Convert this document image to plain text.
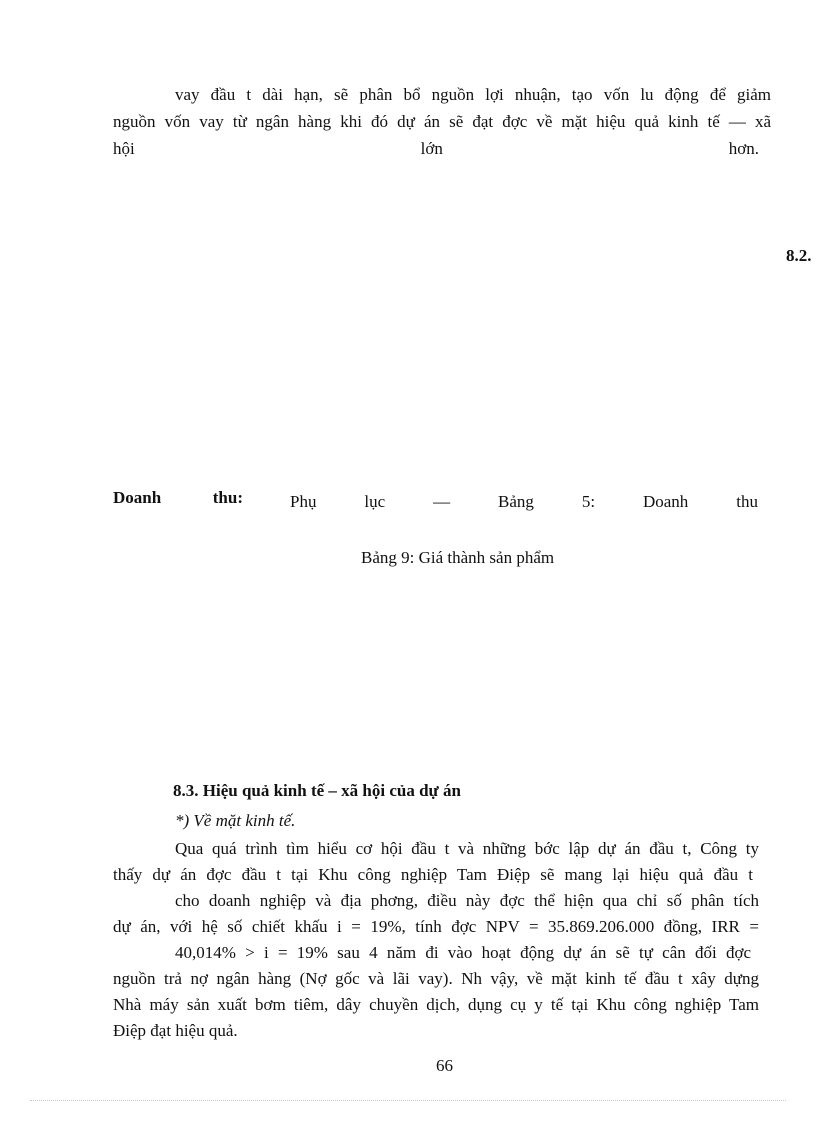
vay đầu t dài hạn, sẽ phân bổ nguồn lợi nhuận, tạo vốn lu động để giảm
nguồn vốn vay từ ngân hàng khi đó dự án sẽ đạt đợc về mặt hiệu quả kinh tế — xã
hội	lớn	hơn.
8.2.
Doanh	thu:	Phụ	lục	—	Bảng	5:	Doanh	thu
Bảng 9: Giá thành sản phẩm
8.3. Hiệu quả kinh tế – xã hội của dự án
*) Về mặt kinh tế.
Qua quá trình tìm hiểu cơ hội đầu t và những bớc lập dự án đầu t, Công ty
thấy dự án đợc đầu t tại Khu công nghiệp Tam Điệp sẽ mang lại hiệu quả đầu t
cho doanh nghiệp và địa phơng, điều này đợc thể hiện qua chỉ số phân tích
dự án, với hệ số chiết khấu i = 19%, tính đợc NPV = 35.869.206.000 đồng, IRR =
40,014% > i = 19% sau 4 năm đi vào hoạt động dự án sẽ tự cân đối đợc
nguồn trả nợ ngân hàng (Nợ gốc và lãi vay). Nh vậy, về mặt kinh tế đầu t xây dựng
Nhà máy sản xuất bơm tiêm, dây chuyền dịch, dụng cụ y tế tại Khu công nghiệp Tam
Điệp đạt hiệu quả.
66
